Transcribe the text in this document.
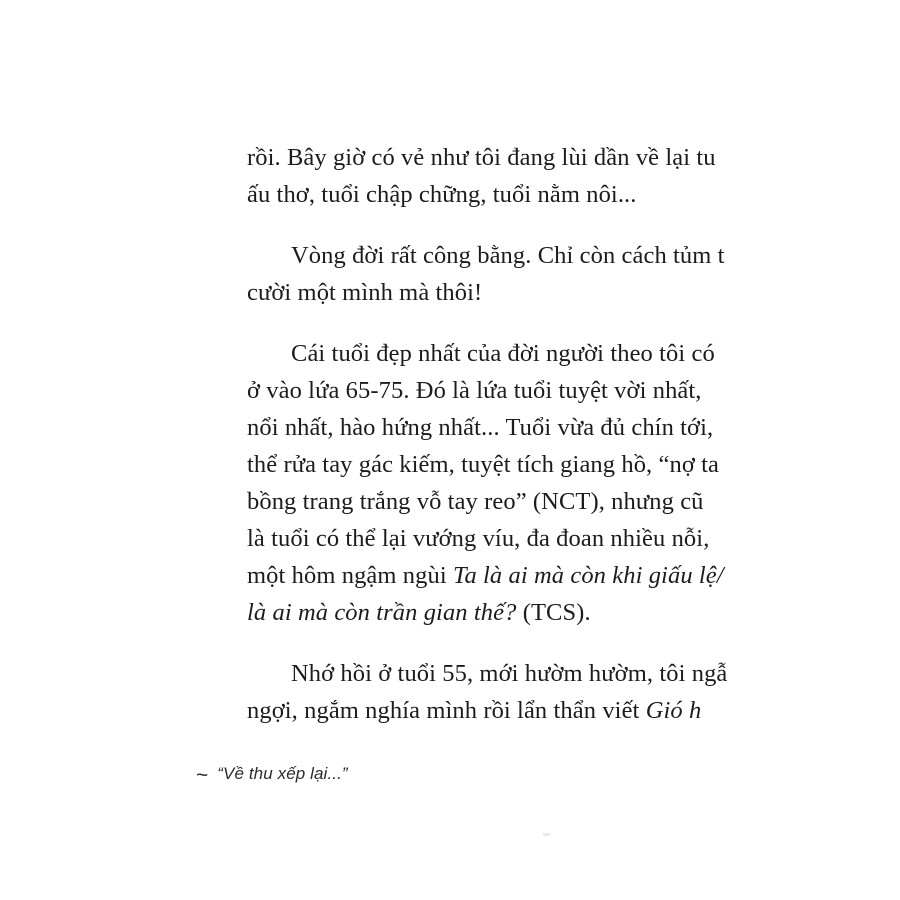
rồi. Bây giờ có vẻ như tôi đang lùi dần về lại tu
ấu thơ, tuổi chập chững, tuổi nằm nôi...
Vòng đời rất công bằng. Chỉ còn cách tủm t
cười một mình mà thôi!
Cái tuổi đẹp nhất của đời người theo tôi có
ở vào lứa 65-75. Đó là lứa tuổi tuyệt vời nhất,
nổi nhất, hào hứng nhất... Tuổi vừa đủ chín tới,
thể rửa tay gác kiếm, tuyệt tích giang hồ, “nợ ta
bồng trang trắng vỗ tay reo” (NCT), nhưng cũ
là tuổi có thể lại vướng víu, đa đoan nhiều nỗi,
một hôm ngậm ngùi Ta là ai mà còn khi giấu lệ/
là ai mà còn trần gian thế? (TCS).
Nhớ hồi ở tuổi 55, mới hườm hườm, tôi ngẫ
ngợi, ngắm nghía mình rồi lẩn thẩn viết Gió h
~ “Về thu xếp lại...”
